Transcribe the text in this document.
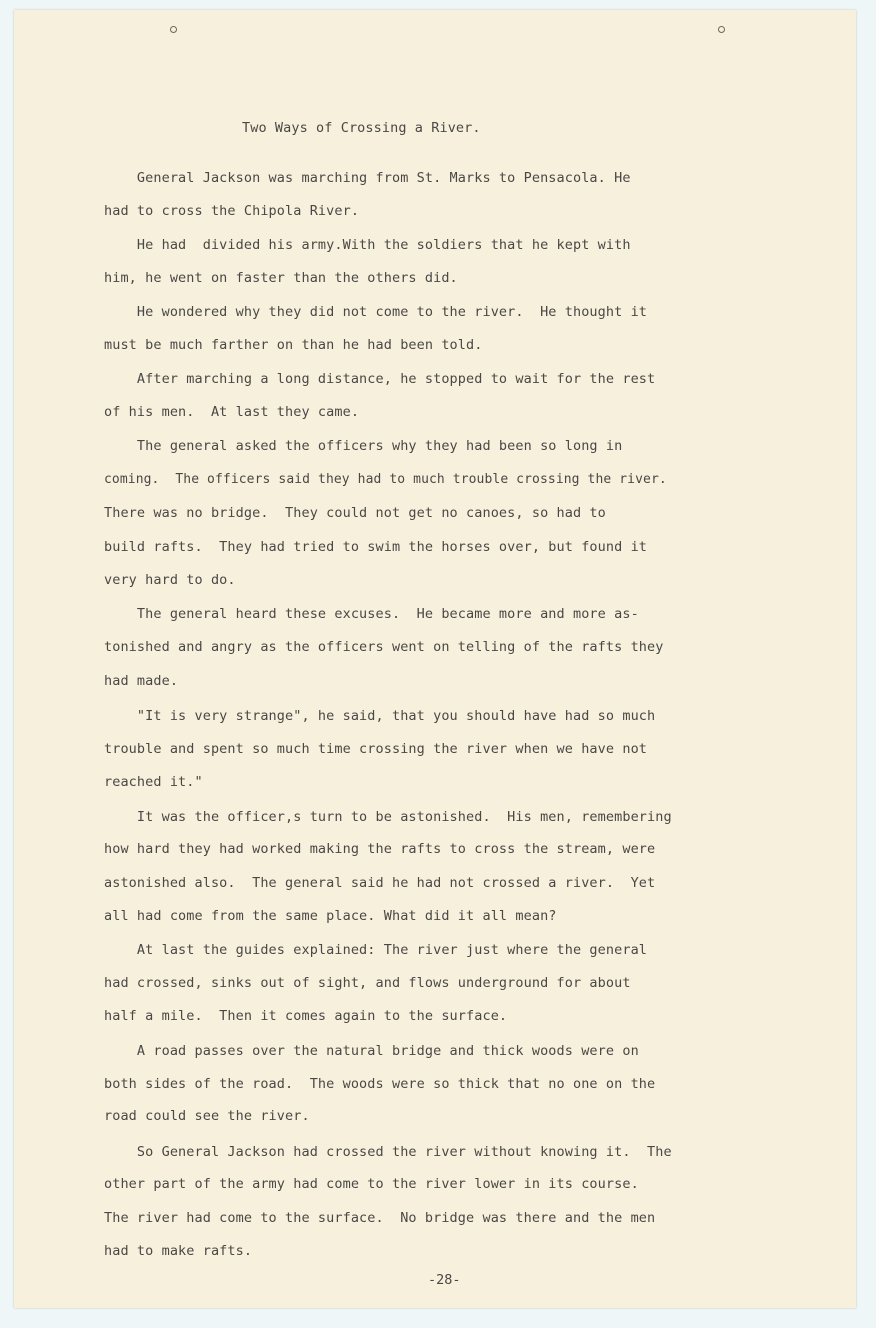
Two Ways of Crossing a River.
General Jackson was marching from St. Marks to Pensacola. He
had to cross the Chipola River.
He had  divided his army.With the soldiers that he kept with
him, he went on faster than the others did.
He wondered why they did not come to the river.  He thought it
must be much farther on than he had been told.
After marching a long distance, he stopped to wait for the rest
of his men.  At last they came.
The general asked the officers why they had been so long in
coming.  The officers said they had to much trouble crossing the river.
There was no bridge.  They could not get no canoes, so had to
build rafts.  They had tried to swim the horses over, but found it
very hard to do.
The general heard these excuses.  He became more and more as-
tonished and angry as the officers went on telling of the rafts they
had made.
"It is very strange", he said, that you should have had so much
trouble and spent so much time crossing the river when we have not
reached it."
It was the officer,s turn to be astonished.  His men, remembering
how hard they had worked making the rafts to cross the stream, were
astonished also.  The general said he had not crossed a river.  Yet
all had come from the same place. What did it all mean?
At last the guides explained: The river just where the general
had crossed, sinks out of sight, and flows underground for about
half a mile.  Then it comes again to the surface.
A road passes over the natural bridge and thick woods were on
both sides of the road.  The woods were so thick that no one on the
road could see the river.
So General Jackson had crossed the river without knowing it.  The
other part of the army had come to the river lower in its course.
The river had come to the surface.  No bridge was there and the men
had to make rafts.
-28-
